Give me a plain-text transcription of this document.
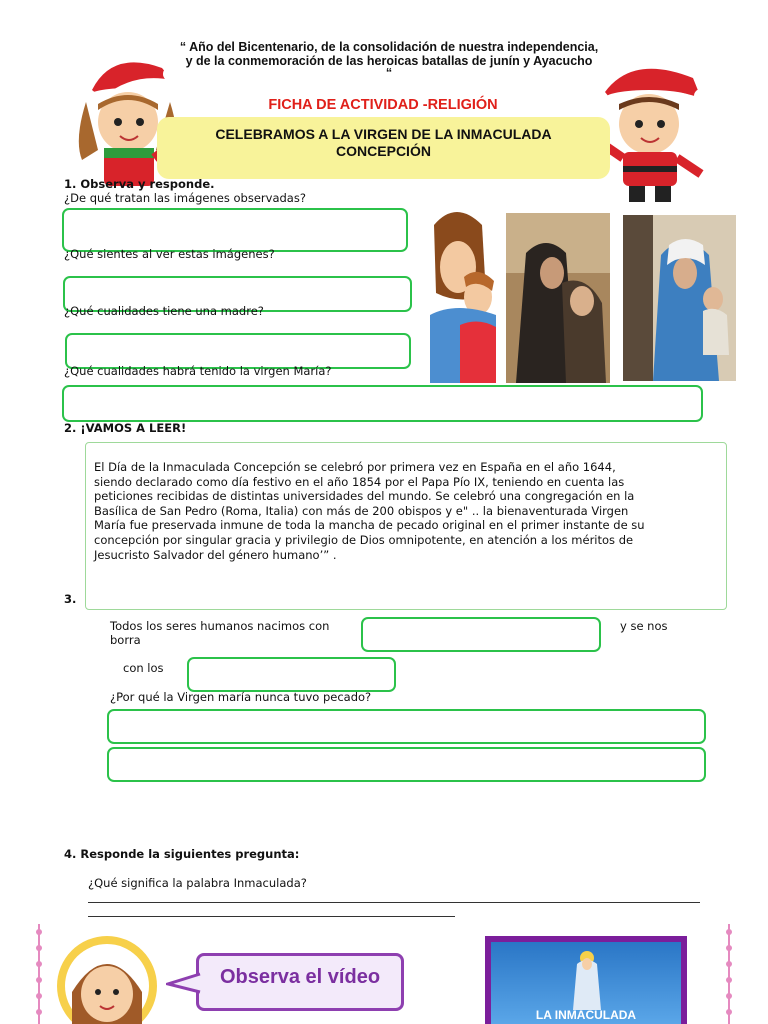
“ Año del Bicentenario, de la consolidación de nuestra independencia,
y de la conmemoración de las heroicas batallas de junín y Ayacucho
“
FICHA DE ACTIVIDAD -RELIGIÓN
CELEBRAMOS A LA VIRGEN DE LA INMACULADA
CONCEPCIÓN
1. Observa y responde.
¿De qué tratan las imágenes observadas?
¿Qué sientes al ver estas imágenes?
¿Qué cualidades tiene una madre?
¿Qué cualidades habrá tenido la virgen María?
2. ¡VAMOS A LEER!
El Día de la Inmaculada Concepción se celebró por primera vez en España en el año 1644,
siendo declarado como día festivo en el año 1854 por el Papa Pío IX, teniendo en cuenta las
peticiones recibidas de distintas universidades del mundo. Se celebró una congregación en la
Basílica de San Pedro (Roma, Italia) con más de 200 obispos y e" .. la bienaventurada Virgen
María fue preservada inmune de toda la mancha de pecado original en el primer instante de su
concepción por singular gracia y privilegio de Dios omnipotente, en atención a los méritos de
Jesucristo Salvador del género humano’” .
3.
Todos los seres humanos nacimos con	y se nos
borra
con los
¿Por qué la Virgen maría nunca tuvo pecado?
4. Responde la siguientes pregunta:
¿Qué significa la palabra Inmaculada?
Observa el vídeo
LA INMACULADA
